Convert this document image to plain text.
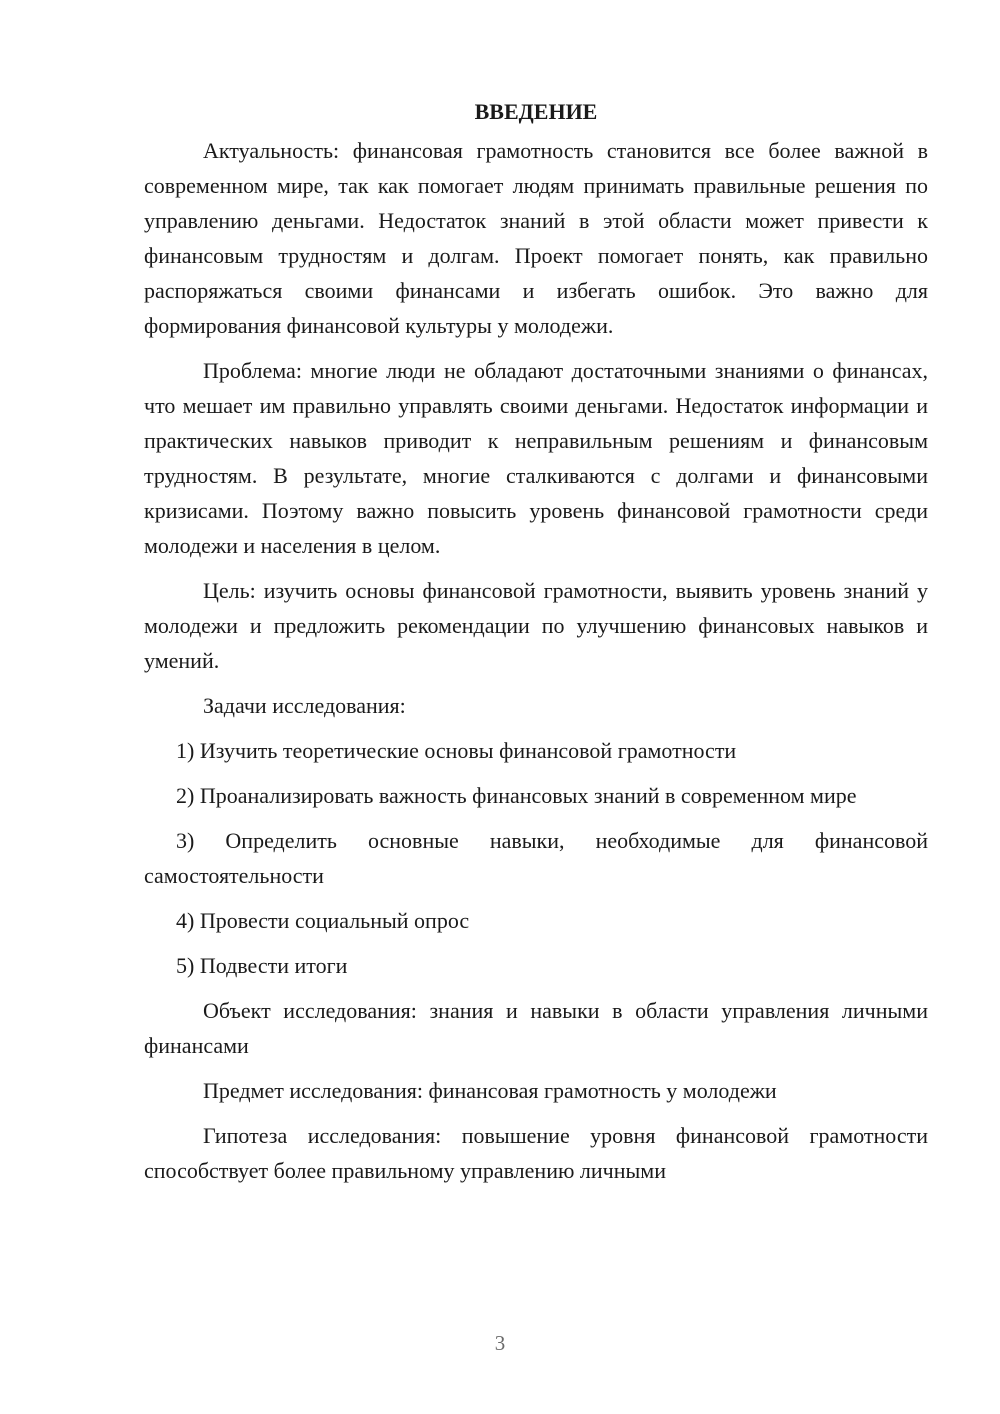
ВВЕДЕНИЕ

Актуальность: финансовая грамотность становится все более важной в современном мире, так как помогает людям принимать правильные решения по управлению деньгами. Недостаток знаний в этой области может привести к финансовым трудностям и долгам. Проект помогает понять, как правильно распоряжаться своими финансами и избегать ошибок. Это важно для формирования финансовой культуры у молодежи.

Проблема: многие люди не обладают достаточными знаниями о финансах, что мешает им правильно управлять своими деньгами. Недостаток информации и практических навыков приводит к неправильным решениям и финансовым трудностям. В результате, многие сталкиваются с долгами и финансовыми кризисами. Поэтому важно повысить уровень финансовой грамотности среди молодежи и населения в целом.

Цель: изучить основы финансовой грамотности, выявить уровень знаний у молодежи и предложить рекомендации по улучшению финансовых навыков и умений.

Задачи исследования:

1) Изучить теоретические основы финансовой грамотности

2) Проанализировать важность финансовых знаний в современном мире

3) Определить основные навыки, необходимые для финансовой самостоятельности

4) Провести социальный опрос

5) Подвести итоги

Объект исследования: знания и навыки в области управления личными финансами

Предмет исследования: финансовая грамотность у молодежи

Гипотеза исследования: повышение уровня финансовой грамотности способствует более правильному управлению личными

3
